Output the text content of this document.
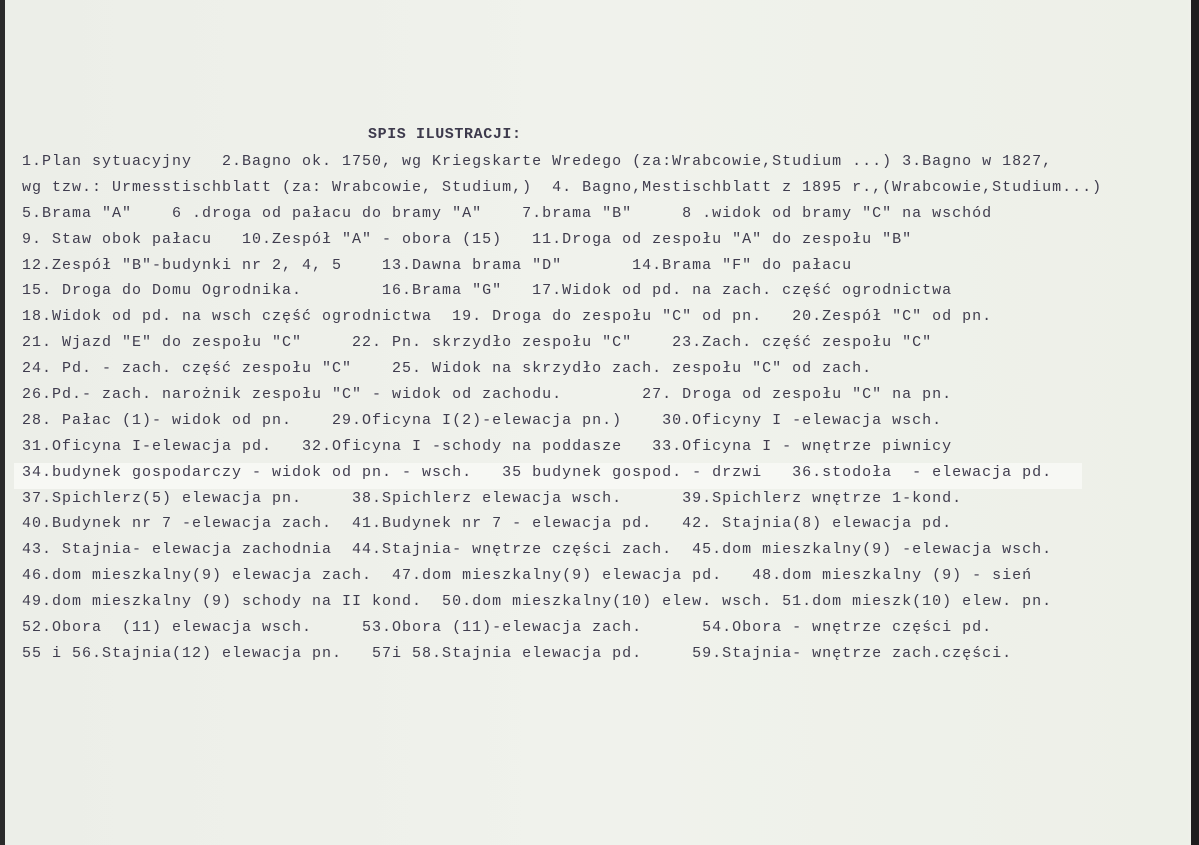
SPIS ILUSTRACJI:
1.Plan sytuacyjny   2.Bagno ok. 1750, wg Kriegskarte Wredego (za:Wrabcowie,Studium ...) 3.Bagno w 1827,
wg tzw.: Urmesstischblatt (za: Wrabcowie, Studium,)  4. Bagno,Mestischblatt z 1895 r.,(Wrabcowie,Studium...)
5.Brama "A"    6 .droga od pałacu do bramy "A"    7.brama "B"     8 .widok od bramy "C" na wschód
9. Staw obok pałacu   10.Zespół "A" - obora (15)   11.Droga od zespołu "A" do zespołu "B"
12.Zespół "B"-budynki nr 2, 4, 5    13.Dawna brama "D"       14.Brama "F" do pałacu
15. Droga do Domu Ogrodnika.        16.Brama "G"   17.Widok od pd. na zach. część ogrodnictwa
18.Widok od pd. na wsch część ogrodnictwa  19. Droga do zespołu "C" od pn.   20.Zespół "C" od pn.
21. Wjazd "E" do zespołu "C"     22. Pn. skrzydło zespołu "C"    23.Zach. część zespołu "C"
24. Pd. - zach. część zespołu "C"    25. Widok na skrzydło zach. zespołu "C" od zach.
26.Pd.- zach. narożnik zespołu "C" - widok od zachodu.        27. Droga od zespołu "C" na pn.
28. Pałac (1)- widok od pn.    29.Oficyna I(2)-elewacja pn.)    30.Oficyny I -elewacja wsch.
31.Oficyna I-elewacja pd.   32.Oficyna I -schody na poddasze   33.Oficyna I - wnętrze piwnicy
34.budynek gospodarczy - widok od pn. - wsch.   35 budynek gospod. - drzwi   36.stodoła  - elewacja pd.
37.Spichlerz(5) elewacja pn.     38.Spichlerz elewacja wsch.      39.Spichlerz wnętrze 1-kond.
40.Budynek nr 7 -elewacja zach.  41.Budynek nr 7 - elewacja pd.   42. Stajnia(8) elewacja pd.
43. Stajnia- elewacja zachodnia  44.Stajnia- wnętrze części zach.  45.dom mieszkalny(9) -elewacja wsch.
46.dom mieszkalny(9) elewacja zach.  47.dom mieszkalny(9) elewacja pd.   48.dom mieszkalny (9) - sień
49.dom mieszkalny (9) schody na II kond.  50.dom mieszkalny(10) elew. wsch. 51.dom mieszk(10) elew. pn.
52.Obora  (11) elewacja wsch.     53.Obora (11)-elewacja zach.      54.Obora - wnętrze części pd.
55 i 56.Stajnia(12) elewacja pn.   57i 58.Stajnia elewacja pd.     59.Stajnia- wnętrze zach.części.
